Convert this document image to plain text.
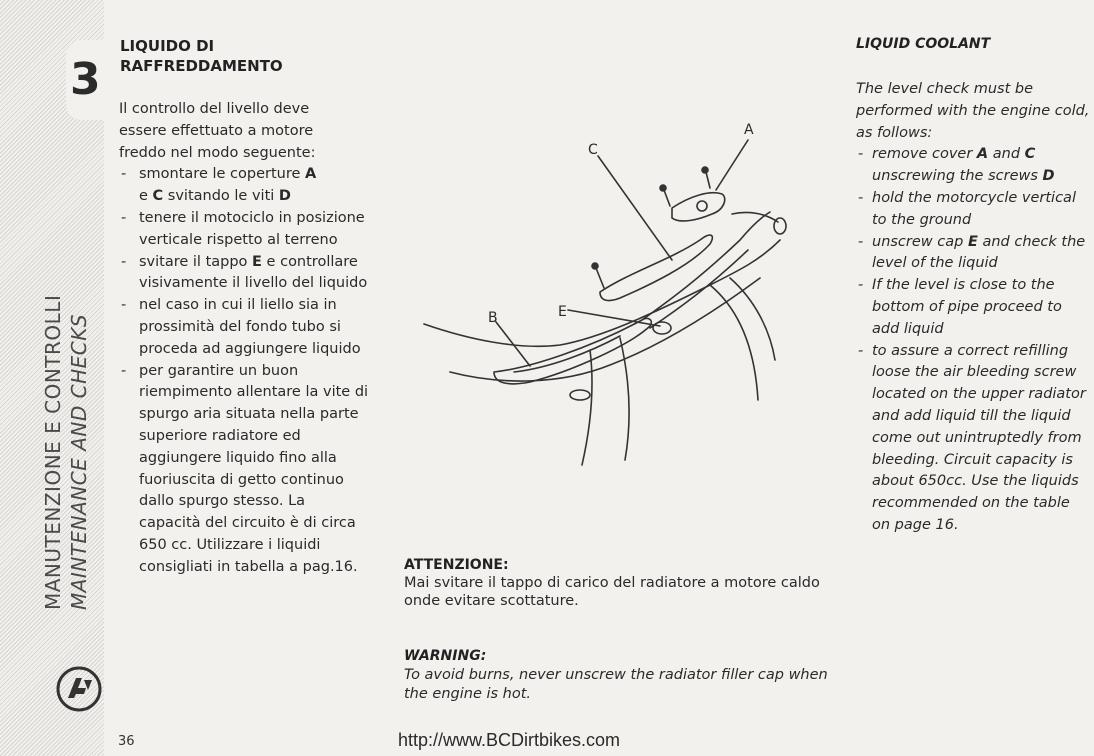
3
MANUTENZIONE E CONTROLLI MAINTENANCE AND CHECKS
LIQUIDO DI
RAFFREDDAMENTO

Il controllo del livello deve

essere effettuato a motore

freddo nel modo seguente:

- smontare le coperture A
e C svitando le viti D
- tenere il motociclo in posizione verticale rispetto al terreno
- svitare il tappo E e controllare visivamente il livello del liquido
- nel caso in cui il liello sia in prossimità del fondo tubo si proceda ad aggiungere liquido
- per garantire un buon riempimento allentare la vite di spurgo aria situata nella parte superiore radiatore ed aggiungere liquido fino alla fuoriuscita di getto continuo dallo spurgo stesso. La capacità del circuito è di circa 650 cc. Utilizzare i liquidi consigliati in tabella a pag.16.
C
A
B	E
ATTENZIONE:
Mai svitare il tappo di carico del radiatore a motore caldo onde evitare scottature.
WARNING:
To avoid burns, never unscrew the radiator filler cap when the engine is hot.
LIQUID COOLANT

The level check must be performed with the engine cold, as follows:

- remove cover A and C unscrewing the screws D
- hold the motorcycle vertical to the ground
- unscrew cap E and check the level of the liquid
- If the level is close to the bottom of pipe proceed to add liquid
- to assure a correct refilling loose the air bleeding screw located on the upper radiator and add liquid till the liquid come out unintruptedly from bleeding. Circuit capacity is about 650cc. Use the liquids recommended on the table on page 16.
36	http://www.BCDirtbikes.com
